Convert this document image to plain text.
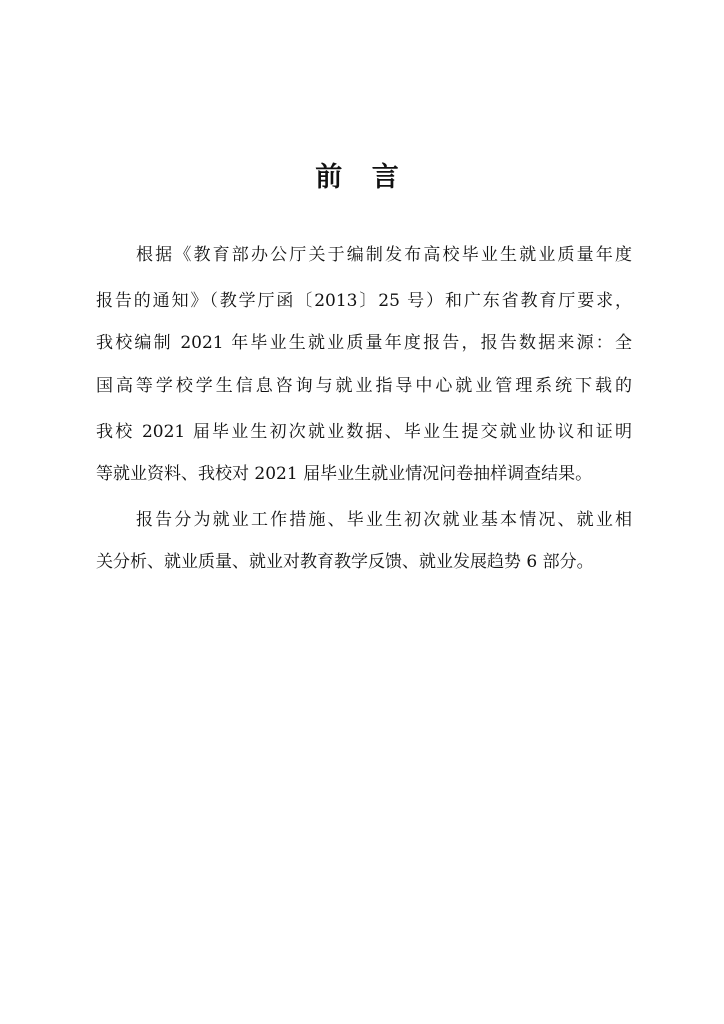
前 言
根据《教育部办公厅关于编制发布高校毕业生就业质量年度
报告的通知》（教学厅函〔2013〕25 号）和广东省教育厅要求，
我校编制 2021 年毕业生就业质量年度报告，报告数据来源：全
国高等学校学生信息咨询与就业指导中心就业管理系统下载的
我校 2021 届毕业生初次就业数据、毕业生提交就业协议和证明
等就业资料、我校对 2021 届毕业生就业情况问卷抽样调查结果。
报告分为就业工作措施、毕业生初次就业基本情况、就业相
关分析、就业质量、就业对教育教学反馈、就业发展趋势 6 部分。
